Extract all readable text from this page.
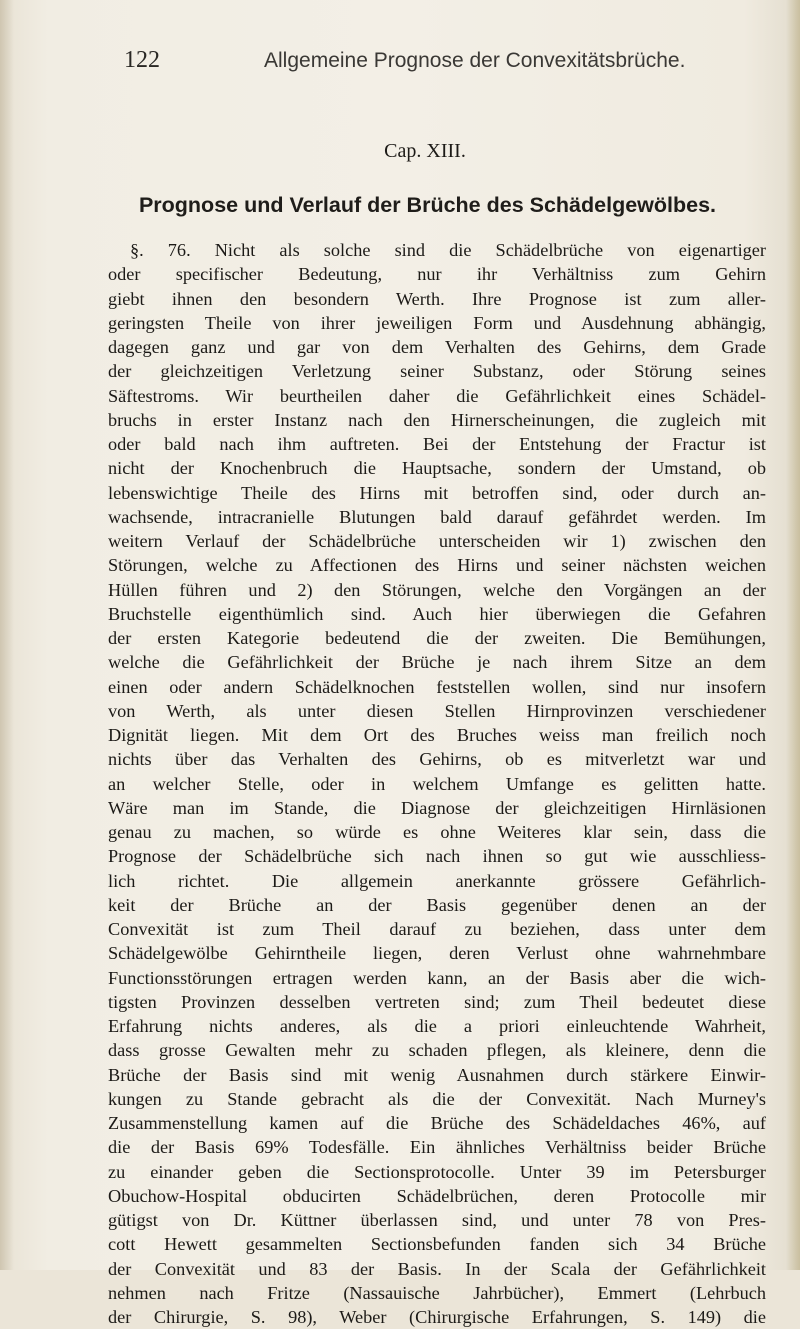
122	Allgemeine Prognose der Convexitätsbrüche.
Cap. XIII.
Prognose und Verlauf der Brüche des Schädelgewölbes.
§. 76. Nicht als solche sind die Schädelbrüche von eigenartiger
oder specifischer Bedeutung, nur ihr Verhältniss zum Gehirn
giebt ihnen den besondern Werth. Ihre Prognose ist zum aller-
geringsten Theile von ihrer jeweiligen Form und Ausdehnung abhängig,
dagegen ganz und gar von dem Verhalten des Gehirns, dem Grade
der gleichzeitigen Verletzung seiner Substanz, oder Störung seines
Säftestroms. Wir beurtheilen daher die Gefährlichkeit eines Schädel-
bruchs in erster Instanz nach den Hirnerscheinungen, die zugleich mit
oder bald nach ihm auftreten. Bei der Entstehung der Fractur ist
nicht der Knochenbruch die Hauptsache, sondern der Umstand, ob
lebenswichtige Theile des Hirns mit betroffen sind, oder durch an-
wachsende, intracranielle Blutungen bald darauf gefährdet werden. Im
weitern Verlauf der Schädelbrüche unterscheiden wir 1) zwischen den
Störungen, welche zu Affectionen des Hirns und seiner nächsten weichen
Hüllen führen und 2) den Störungen, welche den Vorgängen an der
Bruchstelle eigenthümlich sind. Auch hier überwiegen die Gefahren
der ersten Kategorie bedeutend die der zweiten. Die Bemühungen,
welche die Gefährlichkeit der Brüche je nach ihrem Sitze an dem
einen oder andern Schädelknochen feststellen wollen, sind nur insofern
von Werth, als unter diesen Stellen Hirnprovinzen verschiedener
Dignität liegen. Mit dem Ort des Bruches weiss man freilich noch
nichts über das Verhalten des Gehirns, ob es mitverletzt war und
an welcher Stelle, oder in welchem Umfange es gelitten hatte.
Wäre man im Stande, die Diagnose der gleichzeitigen Hirnläsionen
genau zu machen, so würde es ohne Weiteres klar sein, dass die
Prognose der Schädelbrüche sich nach ihnen so gut wie ausschliess-
lich richtet. Die allgemein anerkannte grössere Gefährlich-
keit der Brüche an der Basis gegenüber denen an der
Convexität ist zum Theil darauf zu beziehen, dass unter dem
Schädelgewölbe Gehirntheile liegen, deren Verlust ohne wahrnehmbare
Functionsstörungen ertragen werden kann, an der Basis aber die wich-
tigsten Provinzen desselben vertreten sind; zum Theil bedeutet diese
Erfahrung nichts anderes, als die a priori einleuchtende Wahrheit,
dass grosse Gewalten mehr zu schaden pflegen, als kleinere, denn die
Brüche der Basis sind mit wenig Ausnahmen durch stärkere Einwir-
kungen zu Stande gebracht als die der Convexität. Nach Murney's
Zusammenstellung kamen auf die Brüche des Schädeldaches 46%, auf
die der Basis 69% Todesfälle. Ein ähnliches Verhältniss beider Brüche
zu einander geben die Sectionsprotocolle. Unter 39 im Petersburger
Obuchow-Hospital obducirten Schädelbrüchen, deren Protocolle mir
gütigst von Dr. Küttner überlassen sind, und unter 78 von Pres-
cott Hewett gesammelten Sectionsbefunden fanden sich 34 Brüche
der Convexität und 83 der Basis. In der Scala der Gefährlichkeit
nehmen nach Fritze (Nassauische Jahrbücher), Emmert (Lehrbuch
der Chirurgie, S. 98), Weber (Chirurgische Erfahrungen, S. 149) die
